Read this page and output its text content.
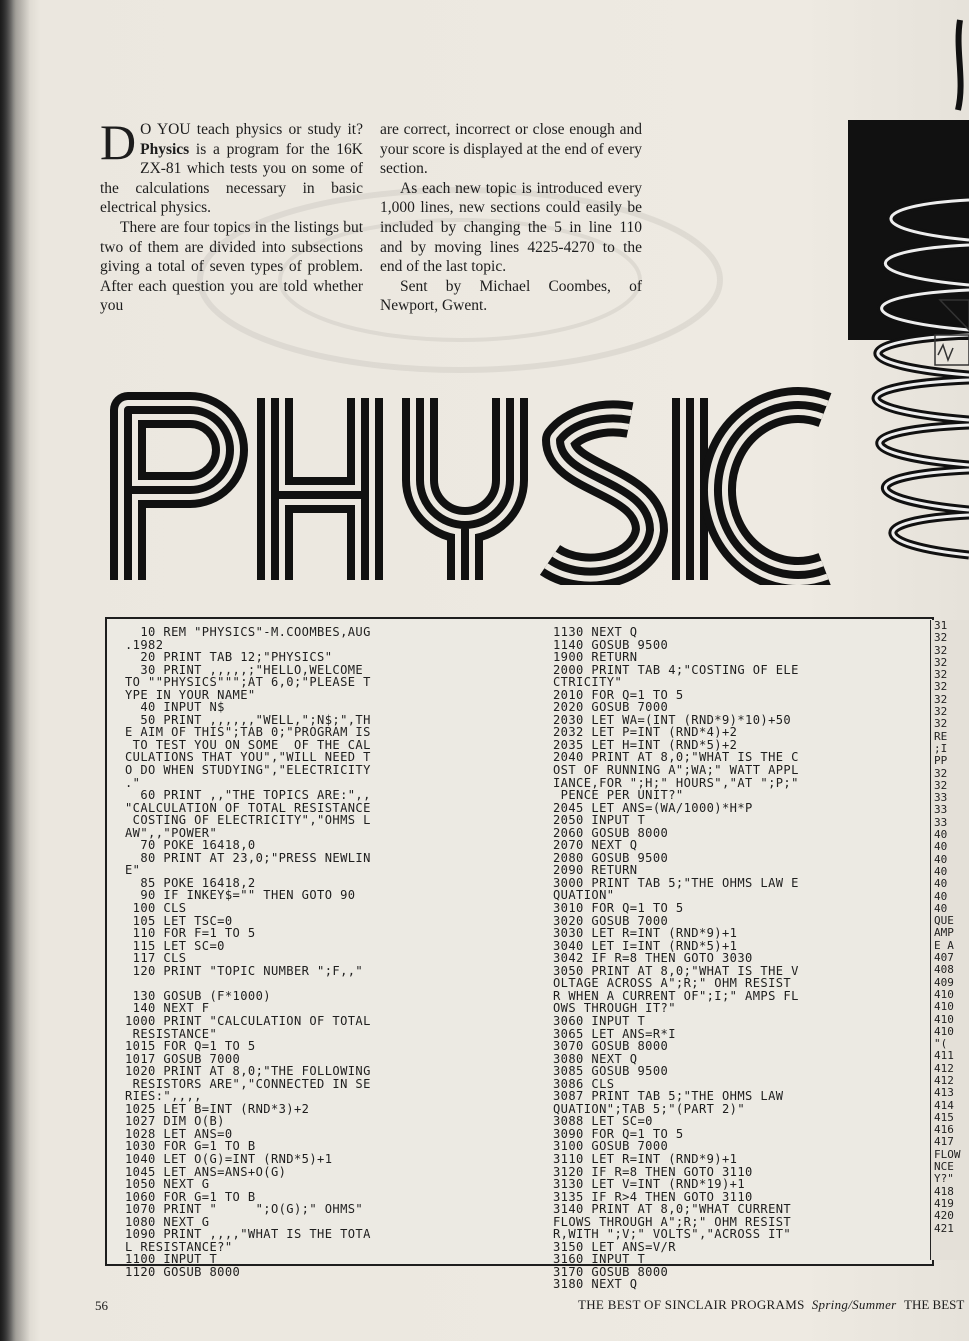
D O YOU teach physics or study it? Physics is a program for the 16K ZX-81 which tests you on some of the calculations necessary in basic electrical physics.

There are four topics in the listings but two of them are divided into subsections giving a total of seven types of problem. After each question you are told whether you

are correct, incorrect or close enough and your score is displayed at the end of every section.

As each new topic is introduced every 1,000 lines, new sections could easily be included by changing the 5 in line 110 and by moving lines 4225-4270 to the end of the last topic.

Sent by Michael Coombes, of Newport, Gwent.

10 REM "PHYSICS"-M.COOMBES,AUG
.1982
20 PRINT TAB 12;"PHYSICS"
30 PRINT ,,,,,;"HELLO,WELCOME
TO ""PHYSICS""";AT 6,0;"PLEASE T
YPE IN YOUR NAME"
40 INPUT N$
50 PRINT ,,,,,,"WELL,";N$;",TH
E AIM OF THIS";TAB 0;"PROGRAM IS
TO TEST YOU ON SOME  OF THE CAL
CULATIONS THAT YOU","WILL NEED T
O DO WHEN STUDYING","ELECTRICITY
."
60 PRINT ,,"THE TOPICS ARE:",,
"CALCULATION OF TOTAL RESISTANCE
COSTING OF ELECTRICITY","OHMS L
AW",,"POWER"
70 POKE 16418,0
80 PRINT AT 23,0;"PRESS NEWLIN
E"
85 POKE 16418,2
90 IF INKEY$="" THEN GOTO 90
100 CLS
105 LET TSC=0
110 FOR F=1 TO 5
115 LET SC=0
117 CLS
120 PRINT "TOPIC NUMBER ";F,,"
130 GOSUB (F*1000)
140 NEXT F
1000 PRINT "CALCULATION OF TOTAL
RESISTANCE"
1015 FOR Q=1 TO 5
1017 GOSUB 7000
1020 PRINT AT 8,0;"THE FOLLOWING
RESISTORS ARE","CONNECTED IN SE
RIES:",,,,
1025 LET B=INT (RND*3)+2
1027 DIM O(B)
1028 LET ANS=0
1030 FOR G=1 TO B
1040 LET O(G)=INT (RND*5)+1
1045 LET ANS=ANS+O(G)
1050 NEXT G
1060 FOR G=1 TO B
1070 PRINT "     ";O(G);" OHMS"
1080 NEXT G
1090 PRINT ,,,,"WHAT IS THE TOTA
L RESISTANCE?"
1100 INPUT T
1120 GOSUB 8000
1130 NEXT Q
1140 GOSUB 9500
1900 RETURN
2000 PRINT TAB 4;"COSTING OF ELE
CTRICITY"
2010 FOR Q=1 TO 5
2020 GOSUB 7000
2030 LET WA=(INT (RND*9)*10)+50
2032 LET P=INT (RND*4)+2
2035 LET H=INT (RND*5)+2
2040 PRINT AT 8,0;"WHAT IS THE C
OST OF RUNNING A";WA;" WATT APPL
IANCE,FOR ";H;" HOURS","AT ";P;"
PENCE PER UNIT?"
2045 LET ANS=(WA/1000)*H*P
2050 INPUT T
2060 GOSUB 8000
2070 NEXT Q
2080 GOSUB 9500
2090 RETURN
3000 PRINT TAB 5;"THE OHMS LAW E
QUATION"
3010 FOR Q=1 TO 5
3020 GOSUB 7000
3030 LET R=INT (RND*9)+1
3040 LET I=INT (RND*5)+1
3042 IF R=8 THEN GOTO 3030
3050 PRINT AT 8,0;"WHAT IS THE V
OLTAGE ACROSS A";R;" OHM RESIST
R WHEN A CURRENT OF";I;" AMPS FL
OWS THROUGH IT?"
3060 INPUT T
3065 LET ANS=R*I
3070 GOSUB 8000
3080 NEXT Q
3085 GOSUB 9500
3086 CLS
3087 PRINT TAB 5;"THE OHMS LAW
QUATION";TAB 5;"(PART 2)"
3088 LET SC=0
3090 FOR Q=1 TO 5
3100 GOSUB 7000
3110 LET R=INT (RND*9)+1
3120 IF R=8 THEN GOTO 3110
3130 LET V=INT (RND*19)+1
3135 IF R>4 THEN GOTO 3110
3140 PRINT AT 8,0;"WHAT CURRENT
FLOWS THROUGH A";R;" OHM RESIST
R,WITH ";V;" VOLTS","ACROSS IT"
3150 LET ANS=V/R
3160 INPUT T
3170 GOSUB 8000
3180 NEXT Q
31
32
32
32
32
32
32
32
32
RE
;I
PP
32
32
33
33
33
40
40
40
40
40
40
40
QUE
AMP
E A
407
408
409
410
410
410
410
"(
411
412
412
413
414
415
416
417
FLOW
NCE
Y?"
418
419
420
421
56	THE BEST OF SINCLAIR PROGRAMS Spring/Summer THE BEST
